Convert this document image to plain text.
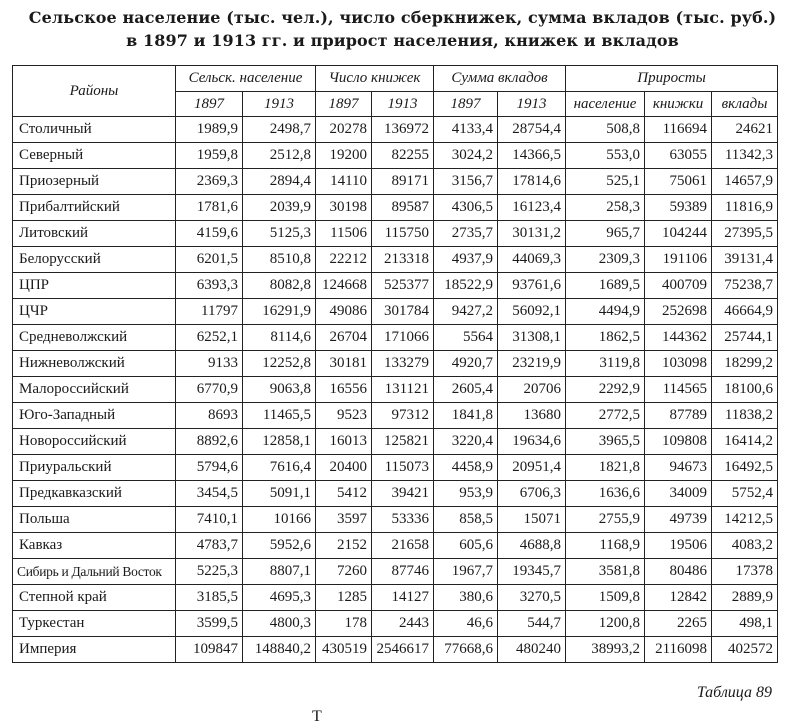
Сельское население (тыс. чел.), число сберкнижек, сумма вкладов (тыс. руб.)
в 1897 и 1913 гг. и прирост населения, книжек и вкладов
Районы	Сельск. население		Число книжек		Сумма вкладов		Приросты		
	1897	1913	1897	1913	1897	1913	население	книжки	вклады
Столичный	1989,9	2498,7	20278	136972	4133,4	28754,4	508,8	116694	24621
Северный	1959,8	2512,8	19200	82255	3024,2	14366,5	553,0	63055	11342,3
Приозерный	2369,3	2894,4	14110	89171	3156,7	17814,6	525,1	75061	14657,9
Прибалтийский	1781,6	2039,9	30198	89587	4306,5	16123,4	258,3	59389	11816,9
Литовский	4159,6	5125,3	11506	115750	2735,7	30131,2	965,7	104244	27395,5
Белорусский	6201,5	8510,8	22212	213318	4937,9	44069,3	2309,3	191106	39131,4
ЦПР	6393,3	8082,8	124668	525377	18522,9	93761,6	1689,5	400709	75238,7
ЦЧР	11797	16291,9	49086	301784	9427,2	56092,1	4494,9	252698	46664,9
Средневолжский	6252,1	8114,6	26704	171066	5564	31308,1	1862,5	144362	25744,1
Нижневолжский	9133	12252,8	30181	133279	4920,7	23219,9	3119,8	103098	18299,2
Малороссийский	6770,9	9063,8	16556	131121	2605,4	20706	2292,9	114565	18100,6
Юго-Западный	8693	11465,5	9523	97312	1841,8	13680	2772,5	87789	11838,2
Новороссийский	8892,6	12858,1	16013	125821	3220,4	19634,6	3965,5	109808	16414,2
Приуральский	5794,6	7616,4	20400	115073	4458,9	20951,4	1821,8	94673	16492,5
Предкавказский	3454,5	5091,1	5412	39421	953,9	6706,3	1636,6	34009	5752,4
Польша	7410,1	10166	3597	53336	858,5	15071	2755,9	49739	14212,5
Кавказ	4783,7	5952,6	2152	21658	605,6	4688,8	1168,9	19506	4083,2
Сибирь и Дальний Восток	5225,3	8807,1	7260	87746	1967,7	19345,7	3581,8	80486	17378
Степной край	3185,5	4695,3	1285	14127	380,6	3270,5	1509,8	12842	2889,9
Туркестан	3599,5	4800,3	178	2443	46,6	544,7	1200,8	2265	498,1
Империя	109847	148840,2	430519	2546617	77668,6	480240	38993,2	2116098	402572
Таблица 89
Т
